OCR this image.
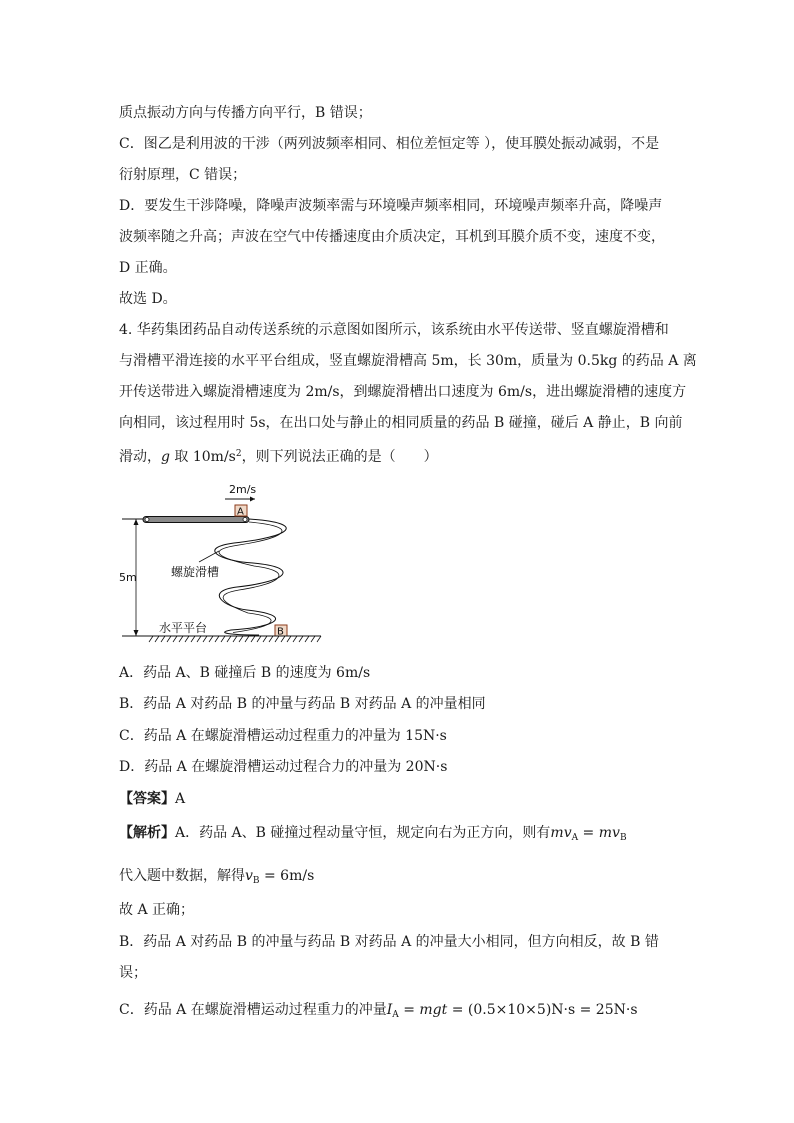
质点振动方向与传播方向平行，B 错误；
C．图乙是利用波的干涉（两列波频率相同、相位差恒定等 ），使耳膜处振动减弱，不是
衍射原理，C 错误；
D．要发生干涉降噪，降噪声波频率需与环境噪声频率相同，环境噪声频率升高，降噪声
波频率随之升高；声波在空气中传播速度由介质决定，耳机到耳膜介质不变，速度不变，
D 正确。
故选 D。
4. 华药集团药品自动传送系统的示意图如图所示，该系统由水平传送带、竖直螺旋滑槽和
与滑槽平滑连接的水平平台组成，竖直螺旋滑槽高 5m，长 30m，质量为 0.5kg 的药品 A 离
开传送带进入螺旋滑槽速度为 2m/s，到螺旋滑槽出口速度为 6m/s，进出螺旋滑槽的速度方
向相同，该过程用时 5s，在出口处与静止的相同质量的药品 B 碰撞，碰后 A 静止，B 向前
滑动，g 取 $10m/s^2$，则下列说法正确的是（　　）
2m/s
A
5m	螺旋滑槽
水平平台	B
A．药品 A、B 碰撞后 B 的速度为 6m/s
B．药品 A 对药品 B 的冲量与药品 B 对药品 A 的冲量相同
C．药品 A 在螺旋滑槽运动过程重力的冲量为 15N·s
D．药品 A 在螺旋滑槽运动过程合力的冲量为 20N·s
【答案】A
【解析】A．药品 A、B 碰撞过程动量守恒，规定向右为正方向，则有$mv_A = mv_B$
代入题中数据，解得$v_B = 6m/s$
故 A 正确；
B．药品 A 对药品 B 的冲量与药品 B 对药品 A 的冲量大小相同，但方向相反，故 B 错
误；
C．药品 A 在螺旋滑槽运动过程重力的冲量$I_A$ = mgt = (0.5×10×5)N·s = 25N·s
